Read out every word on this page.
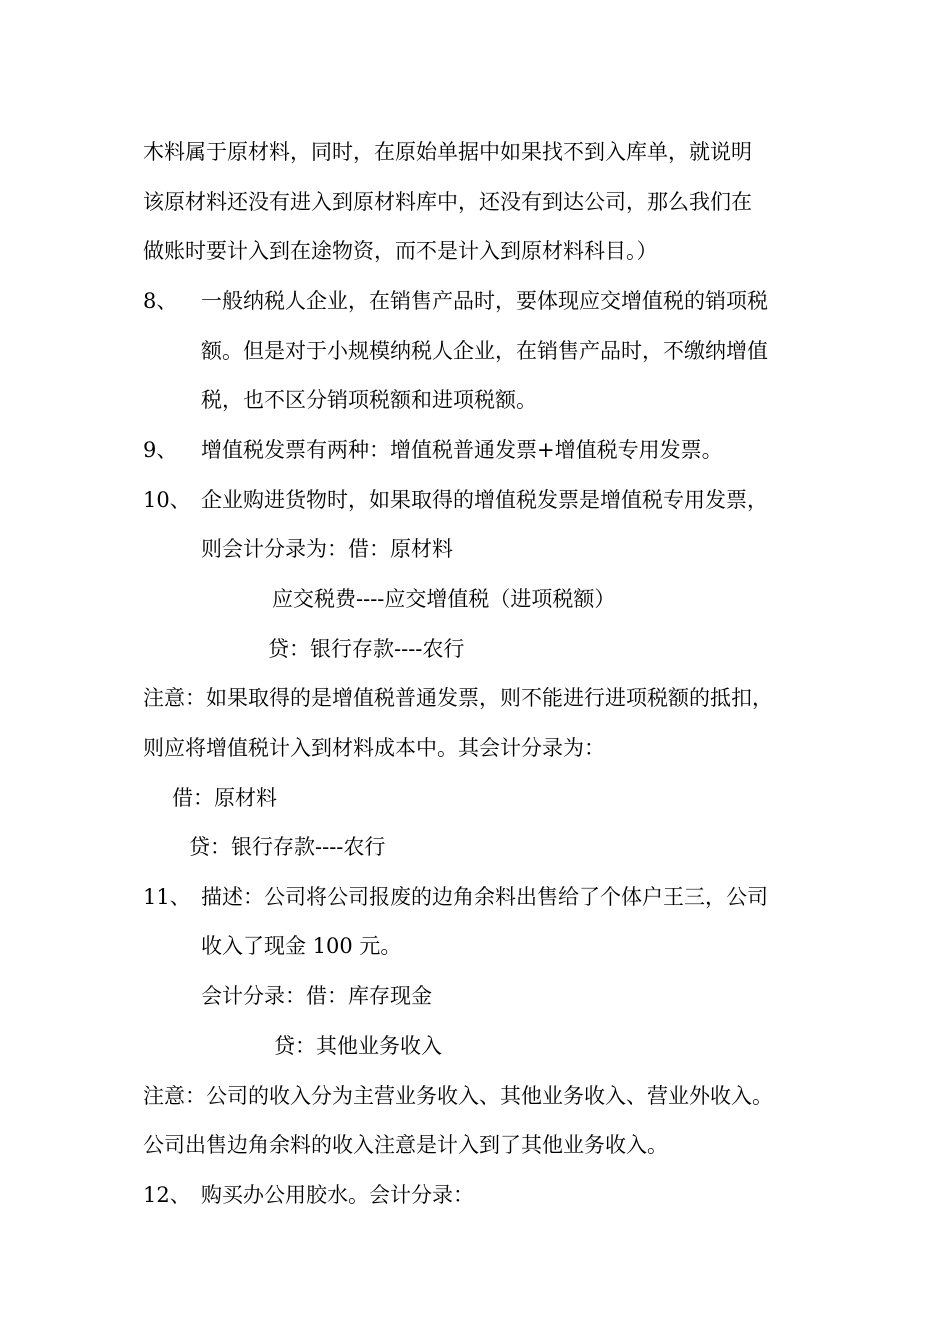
木料属于原材料，同时，在原始单据中如果找不到入库单，就说明
该原材料还没有进入到原材料库中，还没有到达公司，那么我们在
做账时要计入到在途物资，而不是计入到原材料科目。）
8、 一般纳税人企业，在销售产品时，要体现应交增值税的销项税
额。但是对于小规模纳税人企业，在销售产品时，不缴纳增值
税，也不区分销项税额和进项税额。
9、 增值税发票有两种：增值税普通发票+增值税专用发票。
10、 企业购进货物时，如果取得的增值税发票是增值税专用发票，
则会计分录为：借：原材料
应交税费----应交增值税（进项税额）
贷：银行存款----农行
注意：如果取得的是增值税普通发票，则不能进行进项税额的抵扣，
则应将增值税计入到材料成本中。其会计分录为：
借：原材料
贷：银行存款----农行
11、 描述：公司将公司报废的边角余料出售给了个体户王三，公司
收入了现金 100 元。
会计分录：借：库存现金
贷：其他业务收入
注意：公司的收入分为主营业务收入、其他业务收入、营业外收入。
公司出售边角余料的收入注意是计入到了其他业务收入。
12、 购买办公用胶水。会计分录：
